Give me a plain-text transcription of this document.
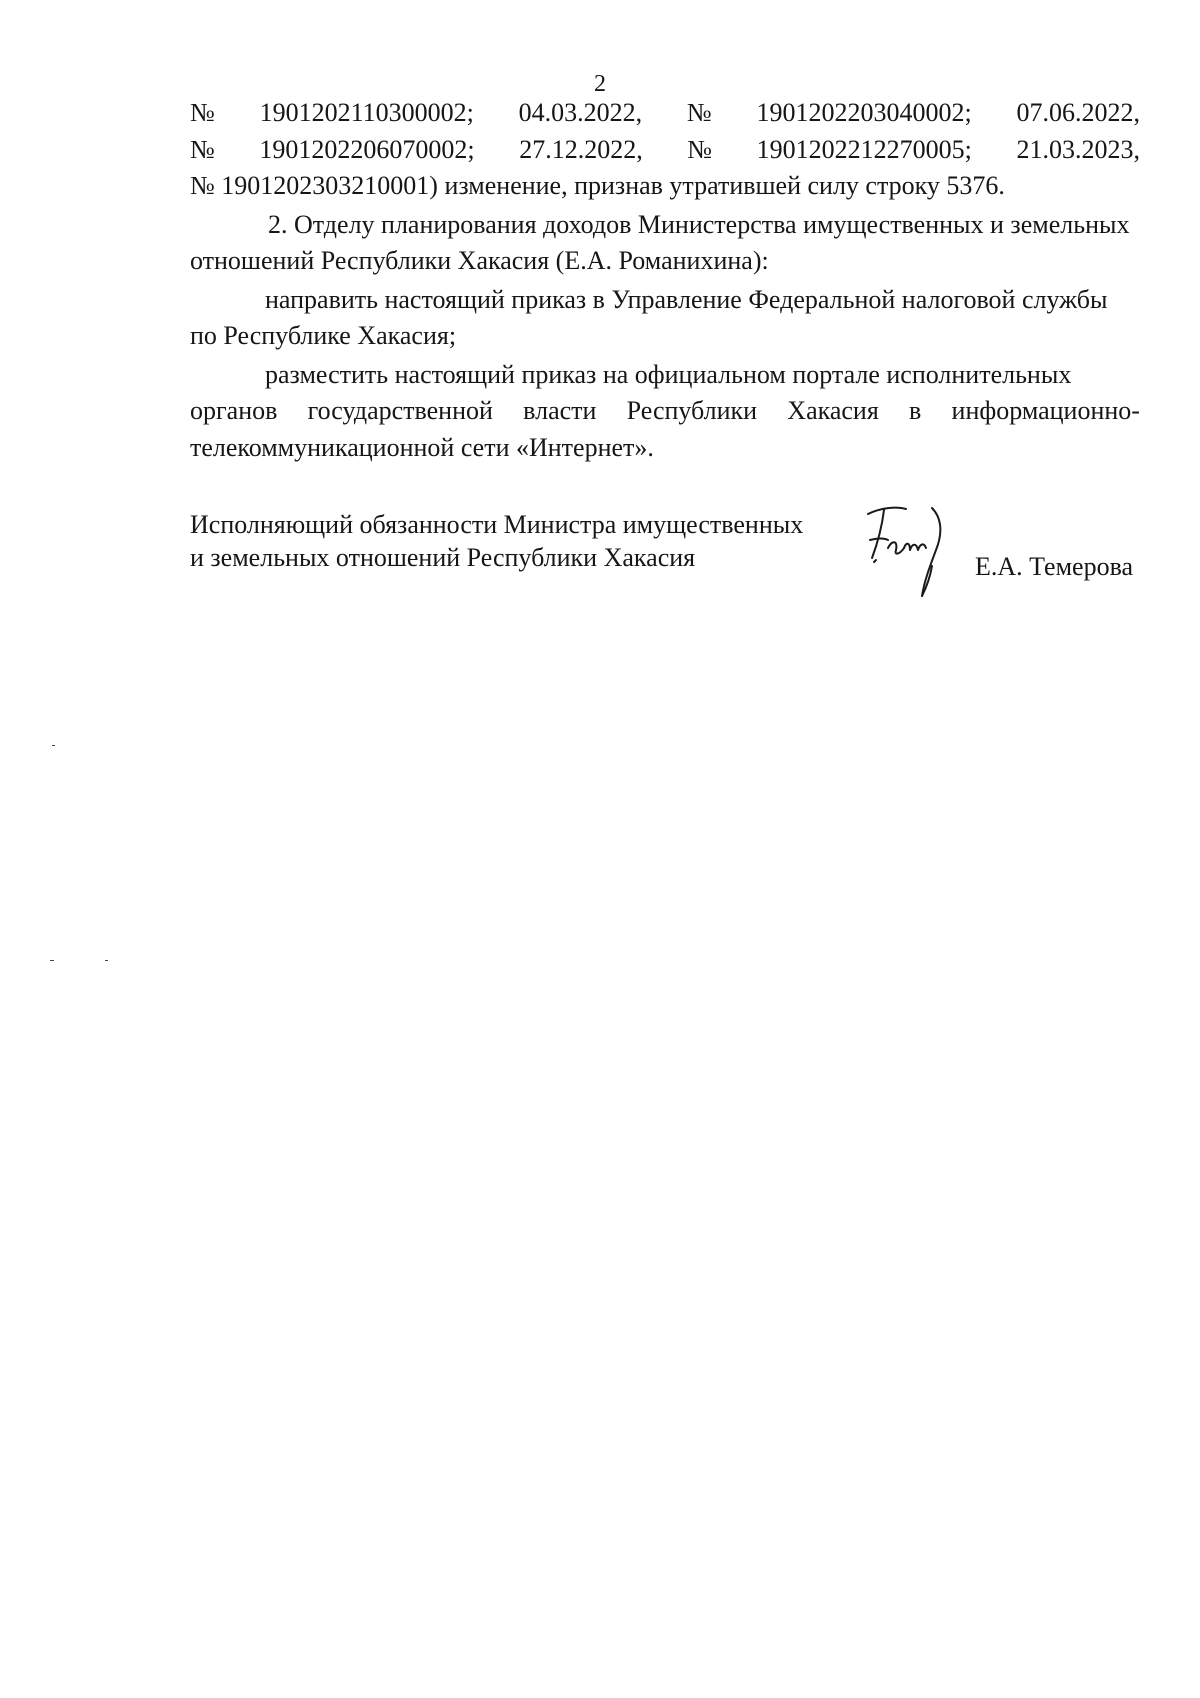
2
№ 1901202110300002; 04.03.2022, № 1901202203040002; 07.06.2022,
№ 1901202206070002; 27.12.2022, № 1901202212270005; 21.03.2023,
№ 1901202303210001) изменение, признав утратившей силу строку 5376.
2. Отделу планирования доходов Министерства имущественных и земельных
отношений Республики Хакасия (Е.А. Романихина):
направить настоящий приказ в Управление Федеральной налоговой службы
по Республике Хакасия;
разместить настоящий приказ на официальном портале исполнительных
органов государственной власти Республики Хакасия в информационно-
телекоммуникационной сети «Интернет».
Исполняющий обязанности Министра имущественных
и земельных отношений Республики Хакасия	Е.А. Темерова
